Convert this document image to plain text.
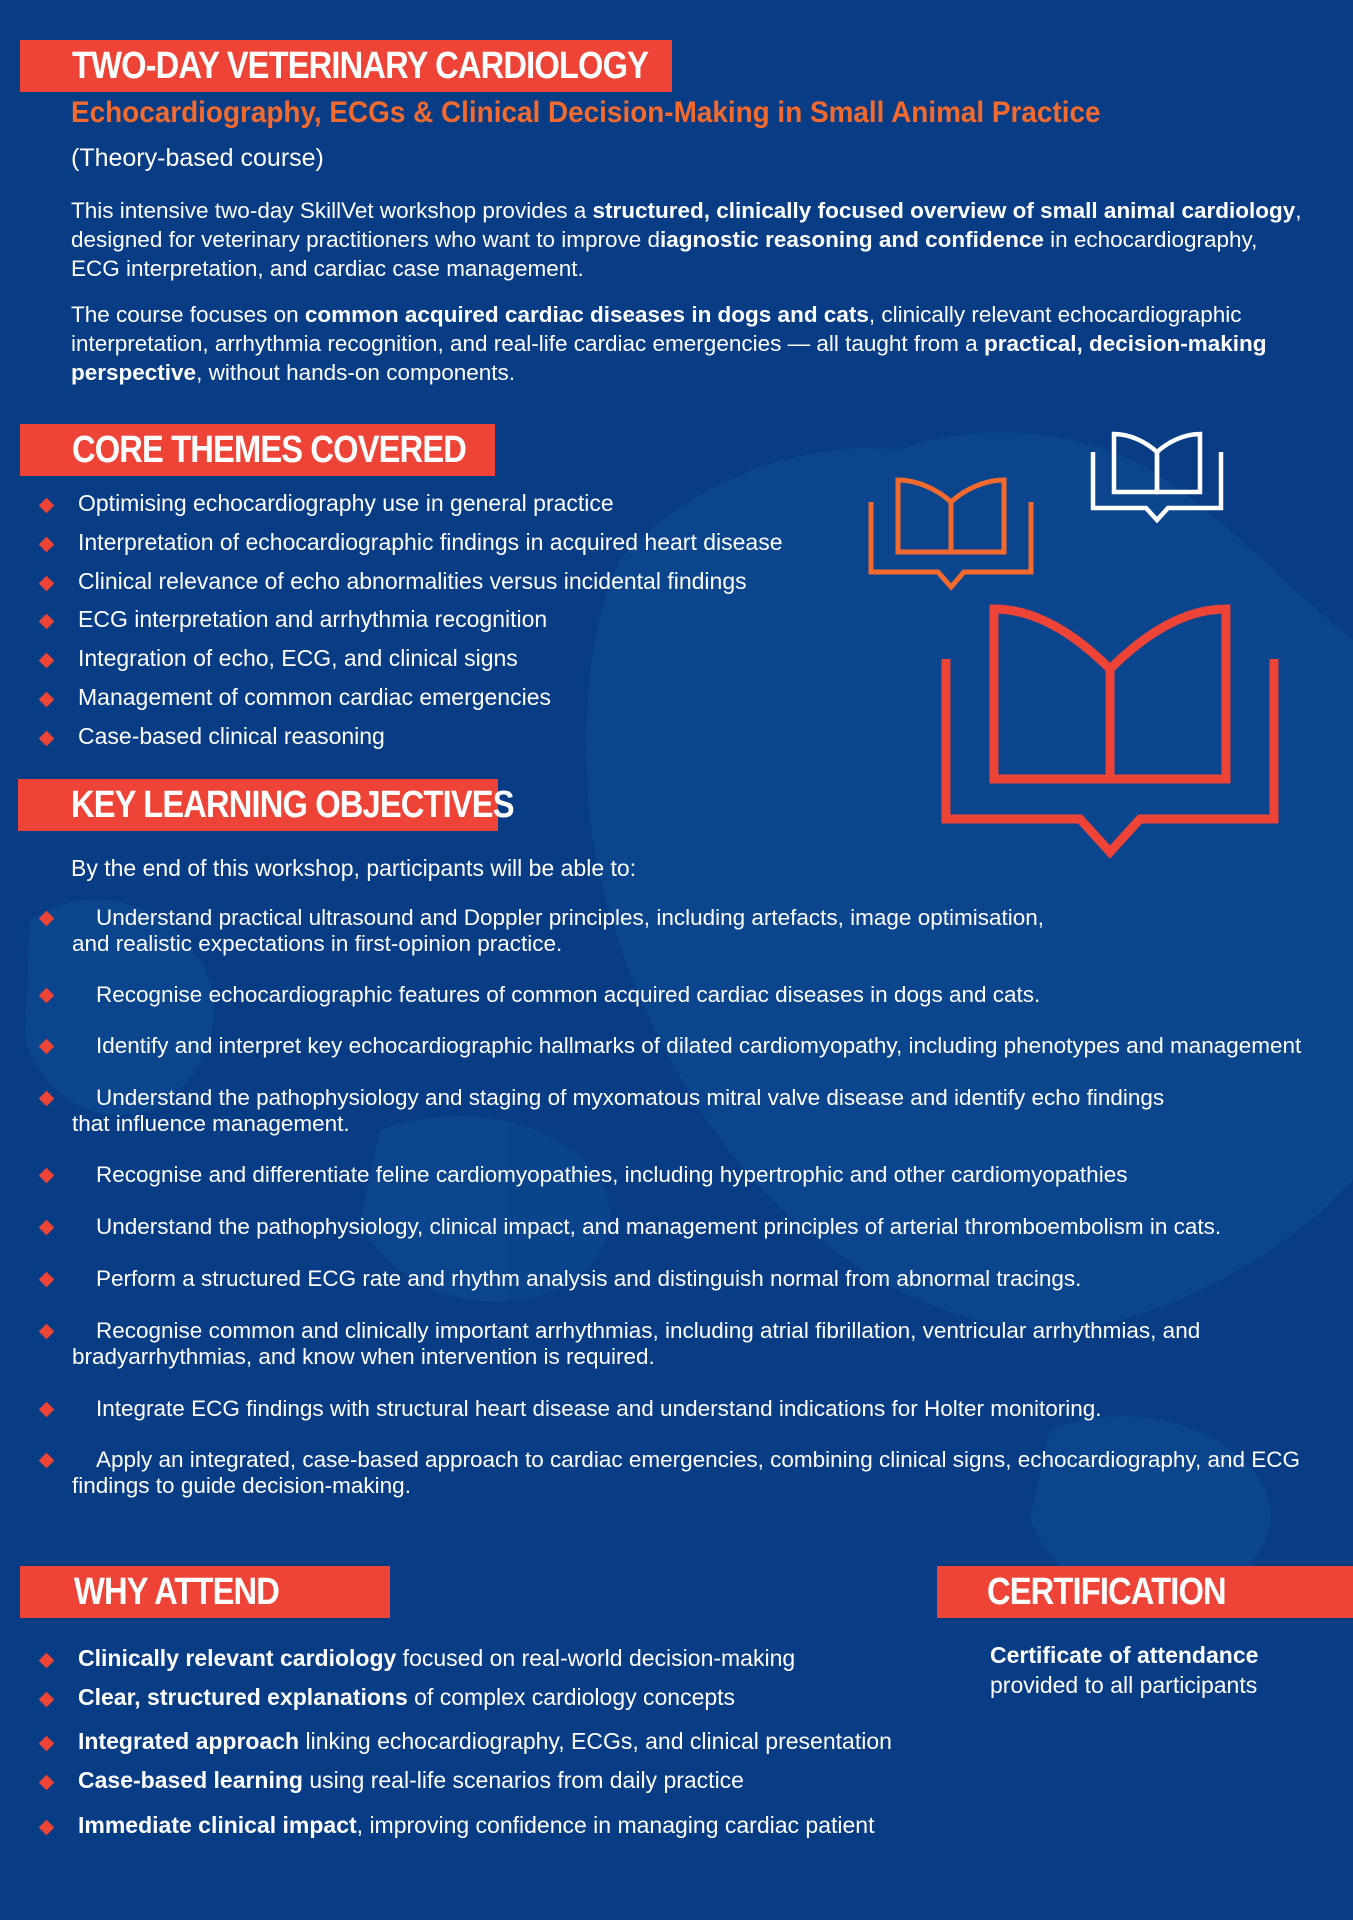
TWO-DAY VETERINARY CARDIOLOGY
Echocardiography, ECGs & Clinical Decision-Making in Small Animal Practice
(Theory-based course)
This intensive two-day SkillVet workshop provides a structured, clinically focused overview of small animal cardiology, designed for veterinary practitioners who want to improve diagnostic reasoning and confidence in echocardiography, ECG interpretation, and cardiac case management.
The course focuses on common acquired cardiac diseases in dogs and cats, clinically relevant echocardiographic interpretation, arrhythmia recognition, and real-life cardiac emergencies — all taught from a practical, decision-making perspective, without hands-on components.
CORE THEMES COVERED
Optimising echocardiography use in general practice
Interpretation of echocardiographic findings in acquired heart disease
Clinical relevance of echo abnormalities versus incidental findings
ECG interpretation and arrhythmia recognition
Integration of echo, ECG, and clinical signs
Management of common cardiac emergencies
Case-based clinical reasoning
KEY LEARNING OBJECTIVES
By the end of this workshop, participants will be able to:
Understand practical ultrasound and Doppler principles, including artefacts, image optimisation,
and realistic expectations in first-opinion practice.
Recognise echocardiographic features of common acquired cardiac diseases in dogs and cats.
Identify and interpret key echocardiographic hallmarks of dilated cardiomyopathy, including phenotypes and management
Understand the pathophysiology and staging of myxomatous mitral valve disease and identify echo findings
that influence management.
Recognise and differentiate feline cardiomyopathies, including hypertrophic and other cardiomyopathies
Understand the pathophysiology, clinical impact, and management principles of arterial thromboembolism in cats.
Perform a structured ECG rate and rhythm analysis and distinguish normal from abnormal tracings.
Recognise common and clinically important arrhythmias, including atrial fibrillation, ventricular arrhythmias, and
bradyarrhythmias, and know when intervention is required.
Integrate ECG findings with structural heart disease and understand indications for Holter monitoring.
Apply an integrated, case-based approach to cardiac emergencies, combining clinical signs, echocardiography, and ECG
findings to guide decision-making.
WHY ATTEND
Clinically relevant cardiology focused on real-world decision-making
Clear, structured explanations of complex cardiology concepts
Integrated approach linking echocardiography, ECGs, and clinical presentation
Case-based learning using real-life scenarios from daily practice
Immediate clinical impact, improving confidence in managing cardiac patient
CERTIFICATION
Certificate of attendance
provided to all participants
